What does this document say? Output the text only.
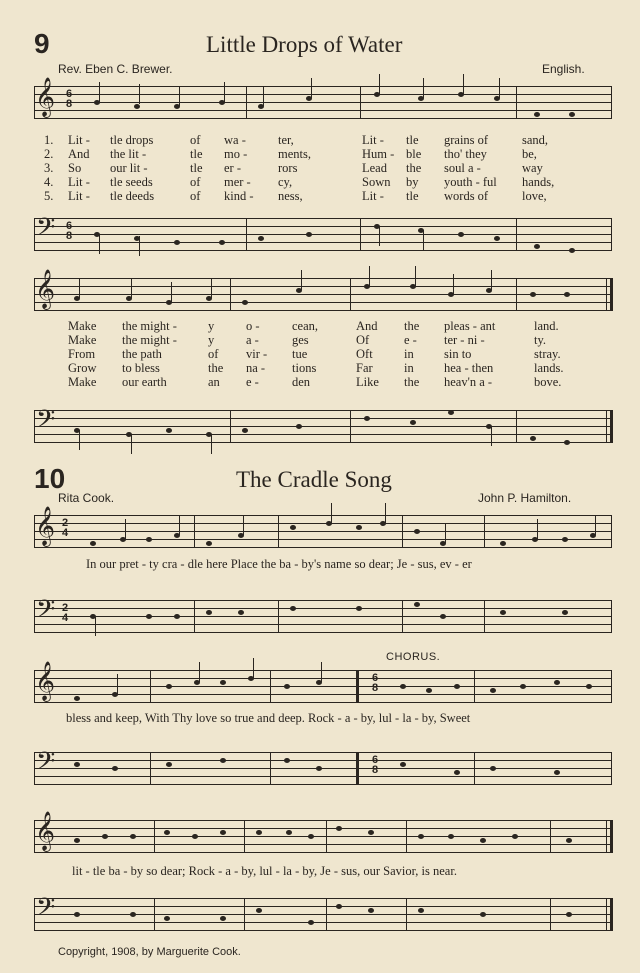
9	Little Drops of Water
Rev. Eben C. Brewer.	English.
𝄞 6
8
1. Lit - tle drops	of wa -	ter,	Lit - tle grains of	sand,
2. And the lit -	tle mo - ments,	Hum - ble tho' they	be,
3. So our lit -	tle er -	rors	Lead the soul a -	way
4. Lit - tle seeds	of mer - cy,	Sown by youth - ful hands,
5. Lit - tle deeds	of kind - ness,	Lit - tle words of	love,
𝄢 6
8
𝄞
Make the might - y	o -	cean,	And the pleas - ant	land.
Make the might - y	a -	ges	Of	e - ter - ni -	ty.
From the path	of vir - tue	Oft	in sin to	stray.
Grow to bless	the na - tions	Far	in hea - then	lands.
Make our earth	an e -	den	Like the heav'n a -	bove.
𝄢
10	The Cradle Song
Rita Cook.	John P. Hamilton.
𝄞 2
4
In our pret - ty cra - dle here Place the ba - by's name so dear; Je - sus, ev - er
𝄢 2
4
𝄞	6
8
CHORUS.
bless and keep, With Thy love so true and deep. Rock - a - by, lul - la - by, Sweet
𝄢	6
8
𝄞
lit - tle ba - by so dear; Rock - a - by, lul - la - by, Je - sus, our Savior, is near.
𝄢
Copyright, 1908, by Marguerite Cook.
